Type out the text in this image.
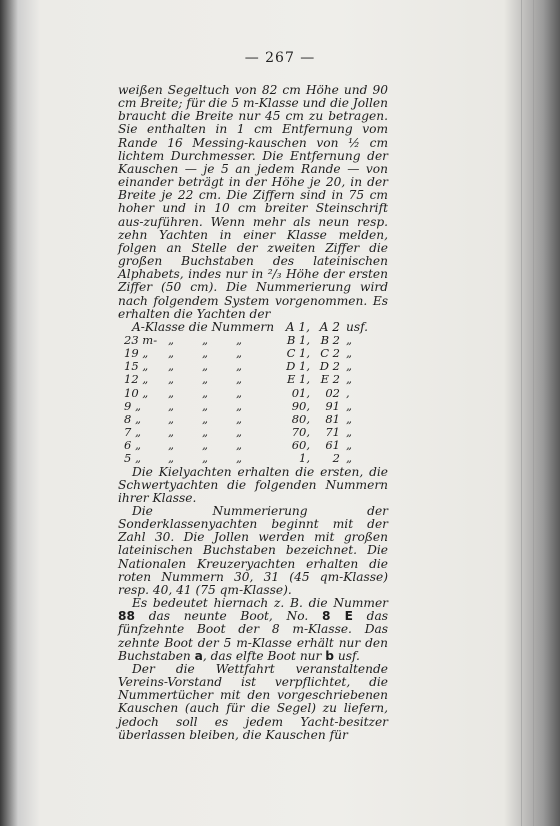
— 267 —

weißen Segeltuch von 82 cm Höhe und 90 cm Breite; für die 5 m-Klasse und die Jollen braucht die Breite nur 45 cm zu betragen. Sie enthalten in 1 cm Entfernung vom Rande 16 Messing-kauschen von ½ cm lichtem Durchmesser. Die Entfernung der Kauschen — je 5 an jedem Rande — von einander beträgt in der Höhe je 20, in der Breite je 22 cm. Die Ziffern sind in 75 cm hoher und in 10 cm breiter Steinschrift aus-zuführen. Wenn mehr als neun resp. zehn Yachten in einer Klasse melden, folgen an Stelle der zweiten Ziffer die großen Buchstaben des lateinischen Alphabets, indes nur in ²/₃ Höhe der ersten Ziffer (50 cm). Die Nummerierung wird nach folgendem System vorgenommen. Es erhalten die Yachten der

A-Klasse die Nummern				A 1,	A 2	usf.
23 m-	„	„	„	B 1,	B 2	„
19 „	„	„	„	C 1,	C 2	„
15 „	„	„	„	D 1,	D 2	„
12 „	„	„	„	E 1,	E 2	„
10 „	„	„	„	01,	02	,
9 „	„	„	„	90,	91	„
8 „	„	„	„	80,	81	„
7 „	„	„	„	70,	71	„
6 „	„	„	„	60,	61	„
5 „	„	„	„	1,	2	„

Die Kielyachten erhalten die ersten, die Schwertyachten die folgenden Nummern ihrer Klasse.

Die Nummerierung der Sonderklassenyachten beginnt mit der Zahl 30. Die Jollen werden mit großen lateinischen Buchstaben bezeichnet. Die Nationalen Kreuzeryachten erhalten die roten Nummern 30, 31 (45 qm-Klasse) resp. 40, 41 (75 qm-Klasse).

Es bedeutet hiernach z. B. die Nummer 88 das neunte Boot, No. 8 E das fünfzehnte Boot der 8 m-Klasse. Das zehnte Boot der 5 m-Klasse erhält nur den Buchstaben a, das elfte Boot nur b usf.

Der die Wettfahrt veranstaltende Vereins-Vorstand ist verpflichtet, die Nummertücher mit den vorgeschriebenen Kauschen (auch für die Segel) zu liefern, jedoch soll es jedem Yacht-besitzer überlassen bleiben, die Kauschen für
